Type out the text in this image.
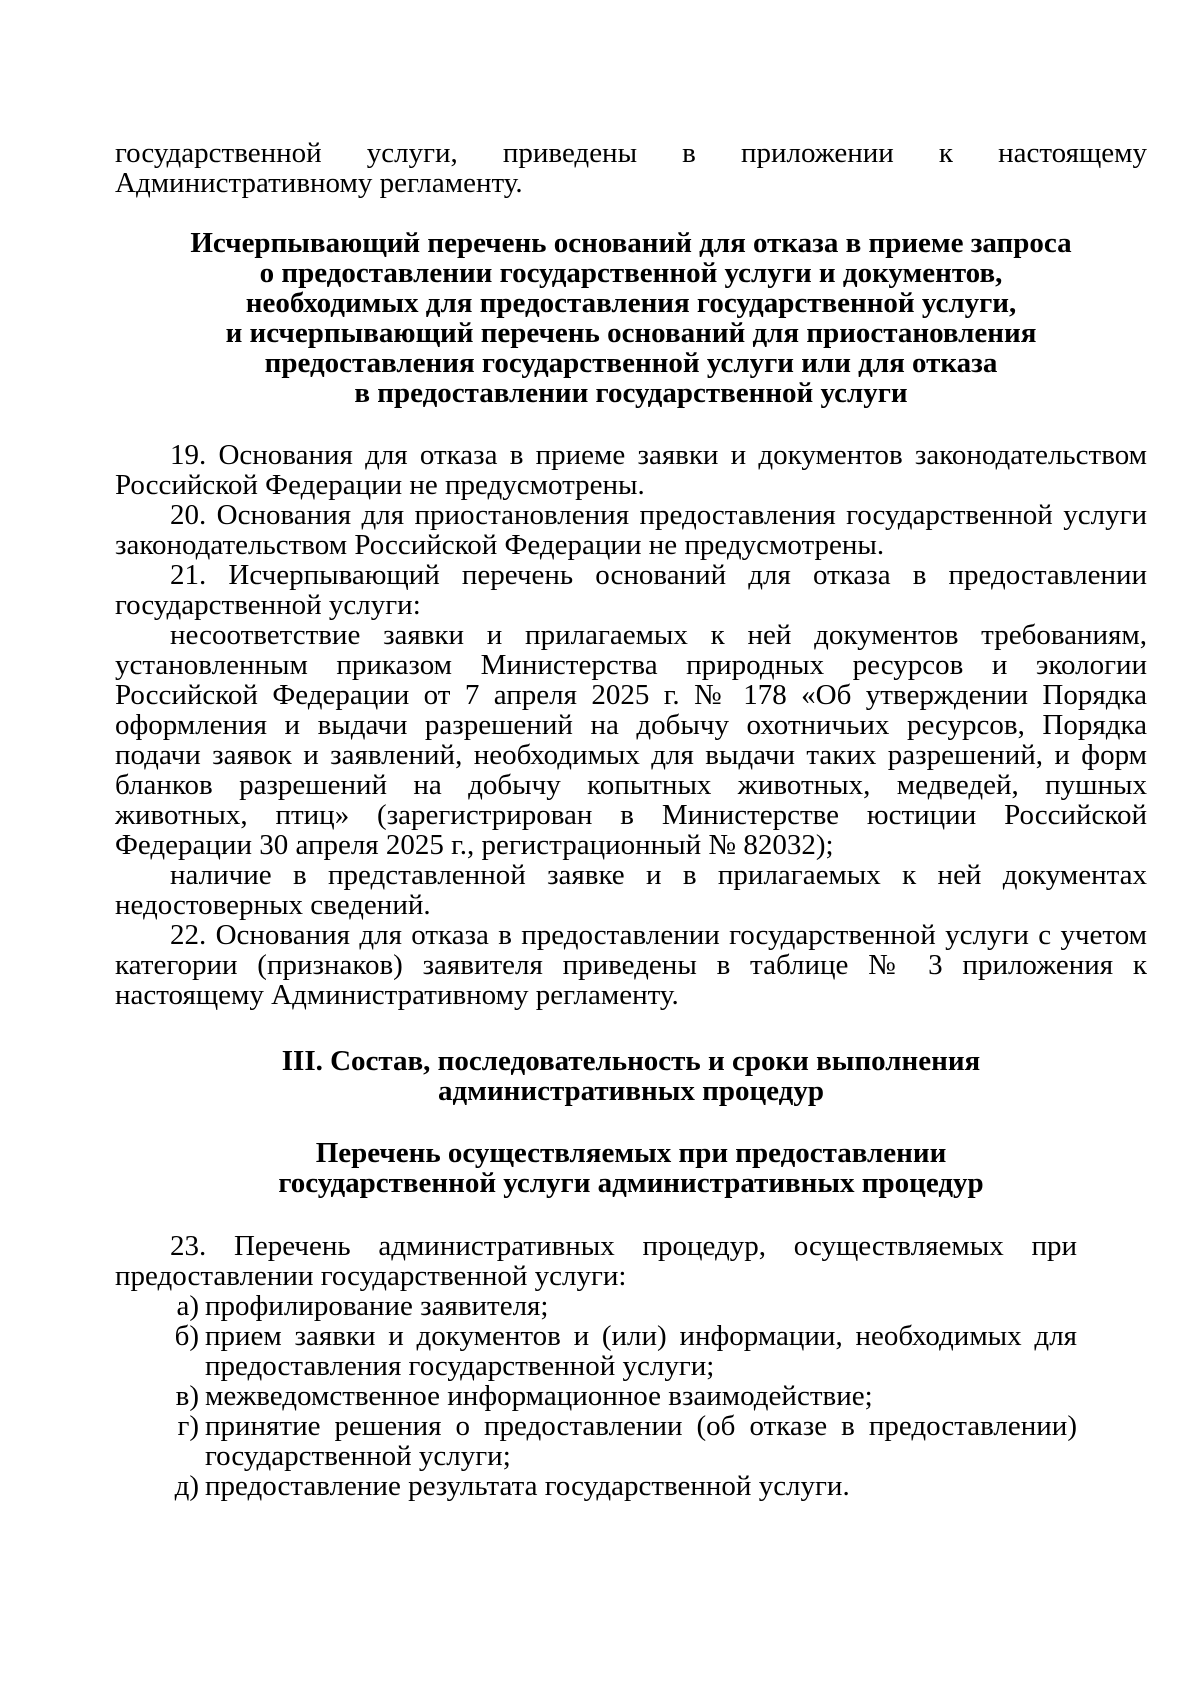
государственной услуги, приведены в приложении к настоящему Административному регламенту.

Исчерпывающий перечень оснований для отказа в приеме запроса
о предоставлении государственной услуги и документов,
необходимых для предоставления государственной услуги,
и исчерпывающий перечень оснований для приостановления
предоставления государственной услуги или для отказа
в предоставлении государственной услуги

19. Основания для отказа в приеме заявки и документов законодательством Российской Федерации не предусмотрены.

20. Основания для приостановления предоставления государственной услуги законодательством Российской Федерации не предусмотрены.

21. Исчерпывающий перечень оснований для отказа в предоставлении государственной услуги:

несоответствие заявки и прилагаемых к ней документов требованиям, установленным приказом Министерства природных ресурсов и экологии Российской Федерации от 7 апреля 2025 г. № 178 «Об утверждении Порядка оформления и выдачи разрешений на добычу охотничьих ресурсов, Порядка подачи заявок и заявлений, необходимых для выдачи таких разрешений, и форм бланков разрешений на добычу копытных животных, медведей, пушных животных, птиц» (зарегистрирован в Министерстве юстиции Российской Федерации 30 апреля 2025 г., регистрационный № 82032);

наличие в представленной заявке и в прилагаемых к ней документах недостоверных сведений.

22. Основания для отказа в предоставлении государственной услуги с учетом категории (признаков) заявителя приведены в таблице № 3 приложения к настоящему Административному регламенту.

III. Состав, последовательность и сроки выполнения
административных процедур

Перечень осуществляемых при предоставлении
государственной услуги административных процедур

23. Перечень административных процедур, осуществляемых при предоставлении государственной услуги:

а) профилирование заявителя;
б) прием заявки и документов и (или) информации, необходимых для предоставления государственной услуги;
в) межведомственное информационное взаимодействие;
г) принятие решения о предоставлении (об отказе в предоставлении) государственной услуги;
д) предоставление результата государственной услуги.
